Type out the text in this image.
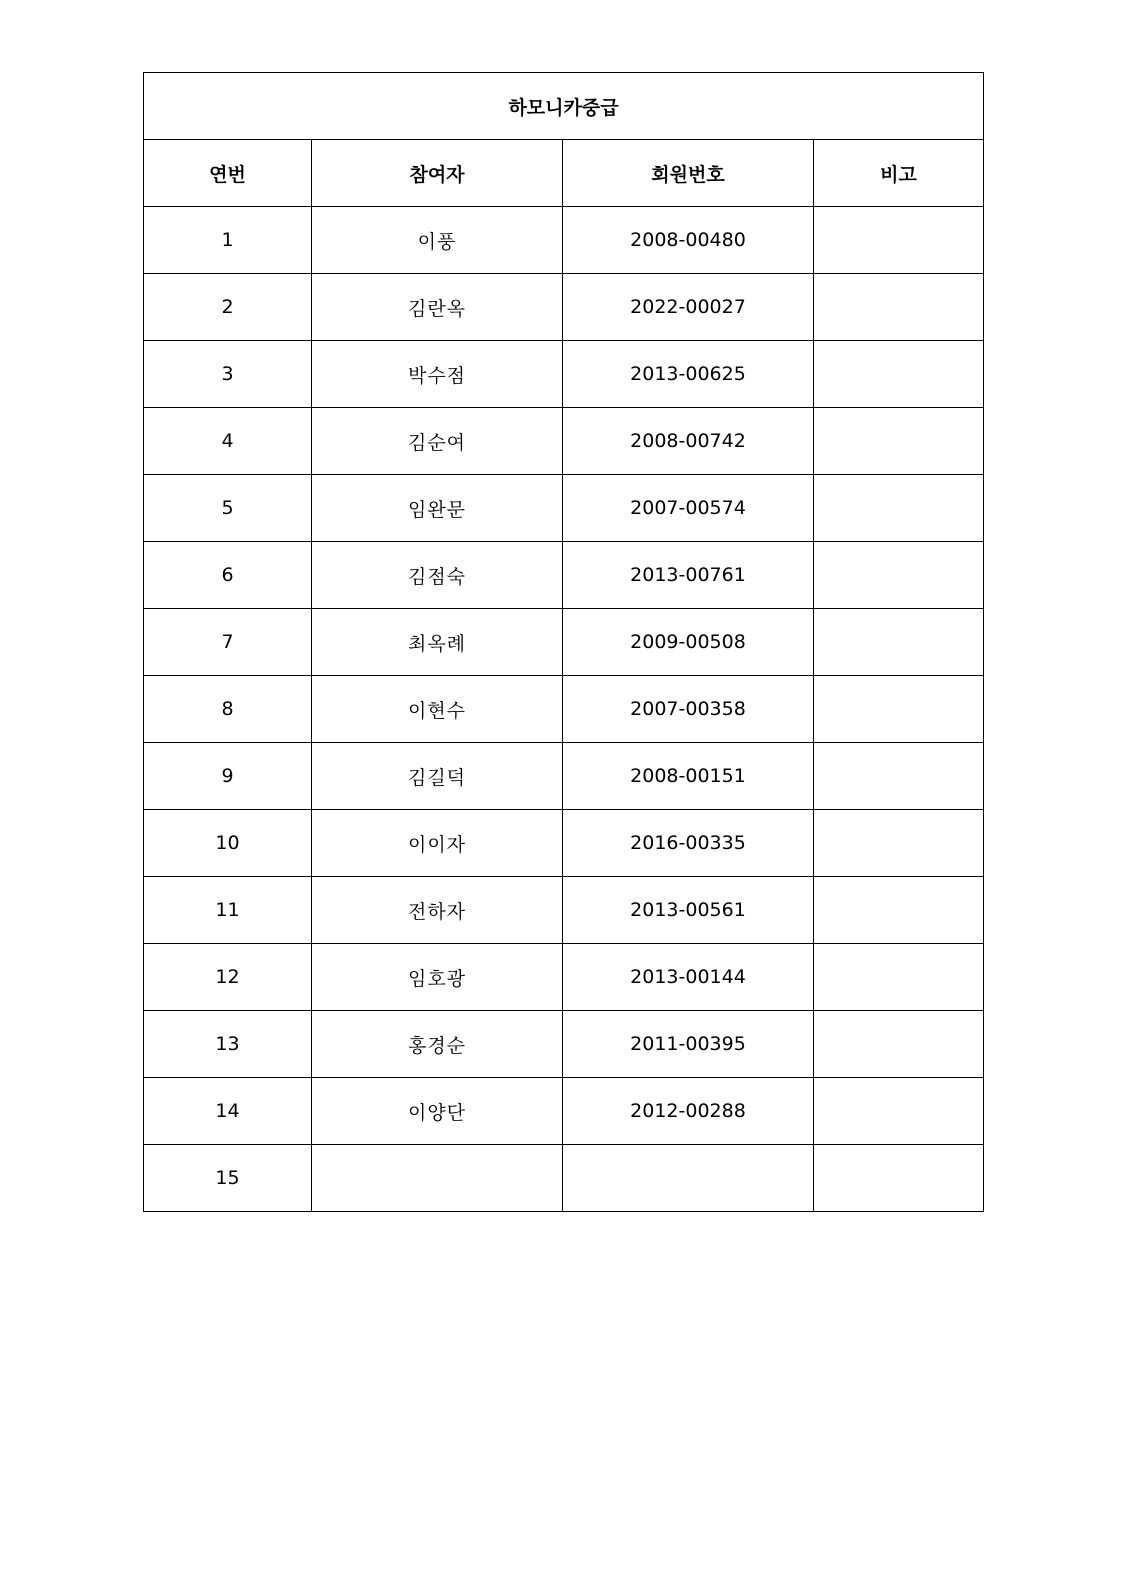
하모니카중급			
연번	참여자	회원번호	비고
1	이풍	2008-00480	
2	김란옥	2022-00027	
3	박수점	2013-00625	
4	김순여	2008-00742	
5	임완문	2007-00574	
6	김점숙	2013-00761	
7	최옥례	2009-00508	
8	이현수	2007-00358	
9	김길덕	2008-00151	
10	이이자	2016-00335	
11	전하자	2013-00561	
12	임호광	2013-00144	
13	홍경순	2011-00395	
14	이양단	2012-00288	
15			
